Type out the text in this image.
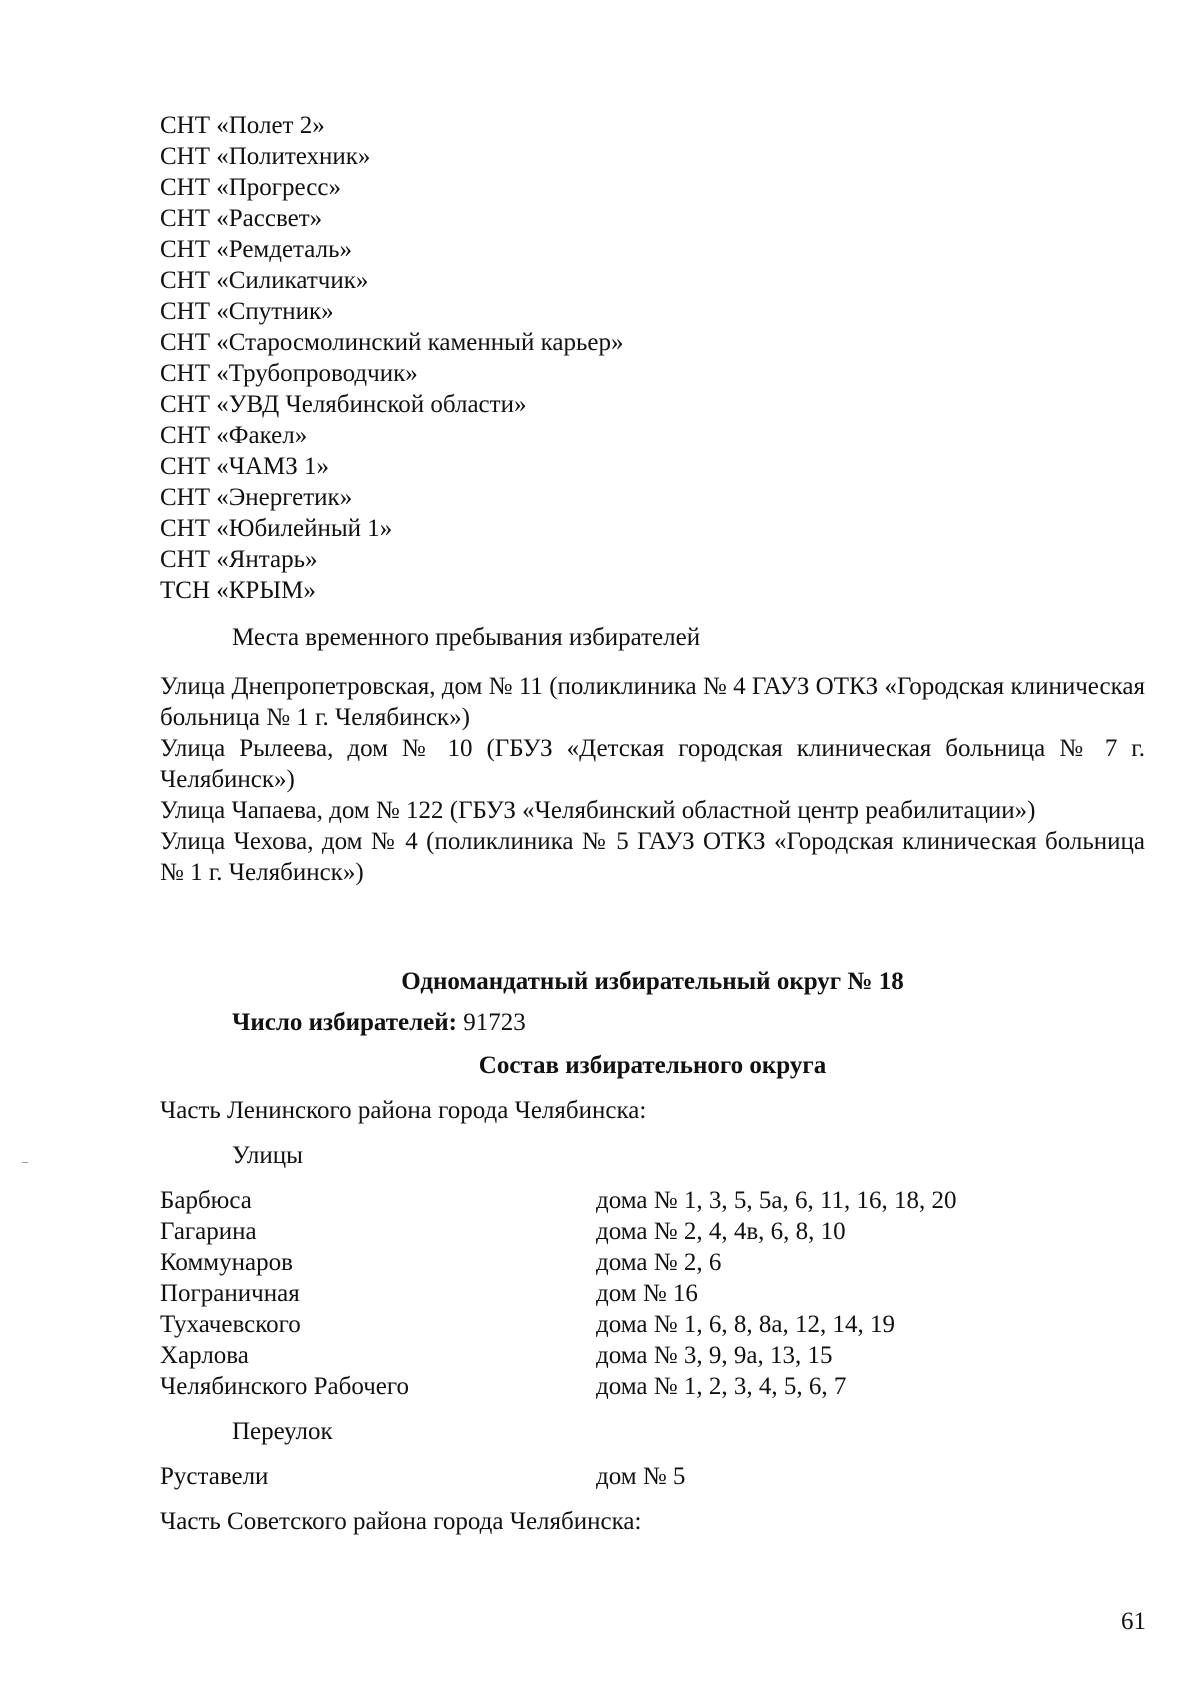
СНТ «Полет 2»
СНТ «Политехник»
СНТ «Прогресс»
СНТ «Рассвет»
СНТ «Ремдеталь»
СНТ «Силикатчик»
СНТ «Спутник»
СНТ «Старосмолинский каменный карьер»
СНТ «Трубопроводчик»
СНТ «УВД Челябинской области»
СНТ «Факел»
СНТ «ЧАМЗ 1»
СНТ «Энергетик»
СНТ «Юбилейный 1»
СНТ «Янтарь»
ТСН «КРЫМ»
Места временного пребывания избирателей

Улица Днепропетровская, дом № 11 (поликлиника № 4 ГАУЗ ОТКЗ «Городская клиническая больница № 1 г. Челябинск»)

Улица Рылеева, дом № 10 (ГБУЗ «Детская городская клиническая больница № 7 г. Челябинск»)

Улица Чапаева, дом № 122 (ГБУЗ «Челябинский областной центр реабилитации»)

Улица Чехова, дом № 4 (поликлиника № 5 ГАУЗ ОТКЗ «Городская клиническая больница № 1 г. Челябинск»)

Одномандатный избирательный округ № 18
Число избирателей: 91723
Состав избирательного округа
Часть Ленинского района города Челябинска:
Улицы
Барбюса	дома № 1, 3, 5, 5а, 6, 11, 16, 18, 20
Гагарина	дома № 2, 4, 4в, 6, 8, 10
Коммунаров	дома № 2, 6
Пограничная	дом № 16
Тухачевского	дома № 1, 6, 8, 8а, 12, 14, 19
Харлова	дома № 3, 9, 9а, 13, 15
Челябинского Рабочего	дома № 1, 2, 3, 4, 5, 6, 7
Переулок
Руставели	дом № 5
Часть Советского района города Челябинска:
61
